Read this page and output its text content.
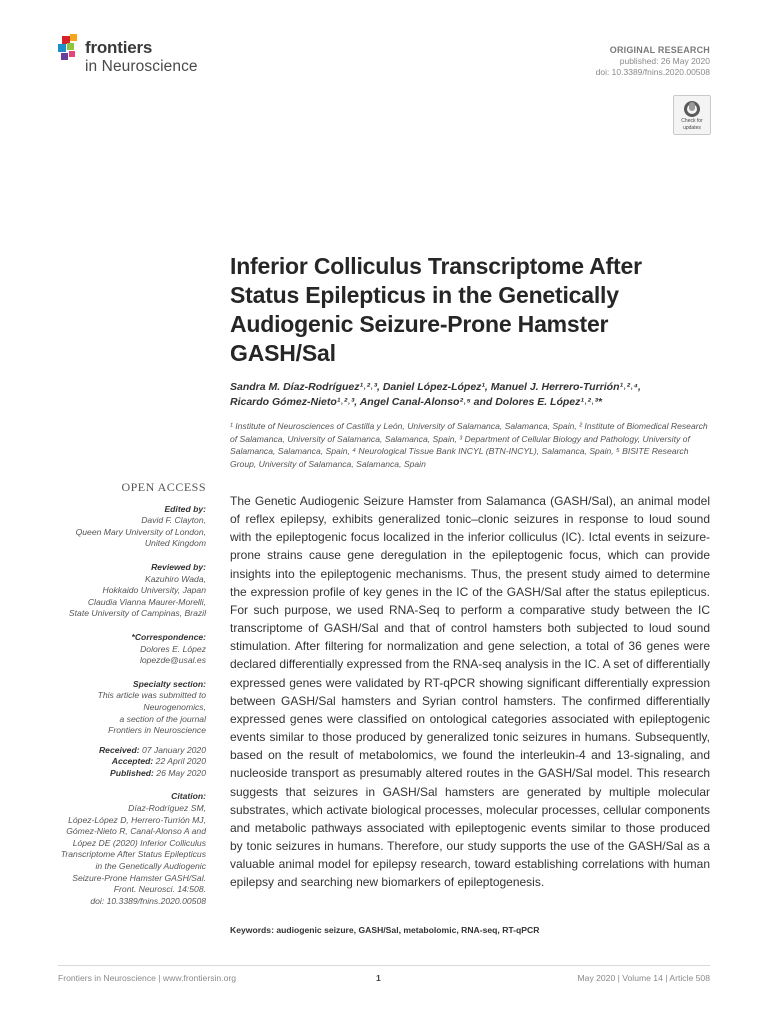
frontiers
in Neuroscience
ORIGINAL RESEARCH
published: 26 May 2020
doi: 10.3389/fnins.2020.00508
Check for
updates
Inferior Colliculus Transcriptome After Status Epilepticus in the Genetically Audiogenic Seizure-Prone Hamster GASH/Sal

Sandra M. Díaz-Rodríguez¹˒²˒³, Daniel López-López¹, Manuel J. Herrero-Turrión¹˒²˒⁴,

Ricardo Gómez-Nieto¹˒²˒³, Angel Canal-Alonso²˒⁵ and Dolores E. López¹˒²˒³*

¹ Institute of Neurosciences of Castilla y León, University of Salamanca, Salamanca, Spain, ² Institute of Biomedical Research of Salamanca, University of Salamanca, Salamanca, Spain, ³ Department of Cellular Biology and Pathology, University of Salamanca, Salamanca, Spain, ⁴ Neurological Tissue Bank INCYL (BTN-INCYL), Salamanca, Spain, ⁵ BISITE Research Group, University of Salamanca, Salamanca, Spain
OPEN ACCESS
Edited by:
David F. Clayton,
Queen Mary University of London,
United Kingdom
Reviewed by:
Kazuhiro Wada,
Hokkaido University, Japan
Claudia Vianna Maurer-Morelli,
State University of Campinas, Brazil
*Correspondence:
Dolores E. López
lopezde@usal.es
Specialty section:
This article was submitted to
Neurogenomics,
a section of the journal
Frontiers in Neuroscience
Received: 07 January 2020
Accepted: 22 April 2020
Published: 26 May 2020
Citation:
Díaz-Rodríguez SM,
López-López D, Herrero-Turrión MJ,
Gómez-Nieto R, Canal-Alonso A and
López DE (2020) Inferior Colliculus
Transcriptome After Status Epilepticus
in the Genetically Audiogenic
Seizure-Prone Hamster GASH/Sal.
Front. Neurosci. 14:508.
doi: 10.3389/fnins.2020.00508
The Genetic Audiogenic Seizure Hamster from Salamanca (GASH/Sal), an animal model of reflex epilepsy, exhibits generalized tonic–clonic seizures in response to loud sound with the epileptogenic focus localized in the inferior colliculus (IC). Ictal events in seizure-prone strains cause gene deregulation in the epileptogenic focus, which can provide insights into the epileptogenic mechanisms. Thus, the present study aimed to determine the expression profile of key genes in the IC of the GASH/Sal after the status epilepticus. For such purpose, we used RNA-Seq to perform a comparative study between the IC transcriptome of GASH/Sal and that of control hamsters both subjected to loud sound stimulation. After filtering for normalization and gene selection, a total of 36 genes were declared differentially expressed from the RNA-seq analysis in the IC. A set of differentially expressed genes were validated by RT-qPCR showing significant differentially expression between GASH/Sal hamsters and Syrian control hamsters. The confirmed differentially expressed genes were classified on ontological categories associated with epileptogenic events similar to those produced by generalized tonic seizures in humans. Subsequently, based on the result of metabolomics, we found the interleukin-4 and 13-signaling, and nucleoside transport as presumably altered routes in the GASH/Sal model. This research suggests that seizures in GASH/Sal hamsters are generated by multiple molecular substrates, which activate biological processes, molecular processes, cellular components and metabolic pathways associated with epileptogenic events similar to those produced by tonic seizures in humans. Therefore, our study supports the use of the GASH/Sal as a valuable animal model for epilepsy research, toward establishing correlations with human epilepsy and searching new biomarkers of epileptogenesis.
Keywords: audiogenic seizure, GASH/Sal, metabolomic, RNA-seq, RT-qPCR
Frontiers in Neuroscience | www.frontiersin.org	1	May 2020 | Volume 14 | Article 508
